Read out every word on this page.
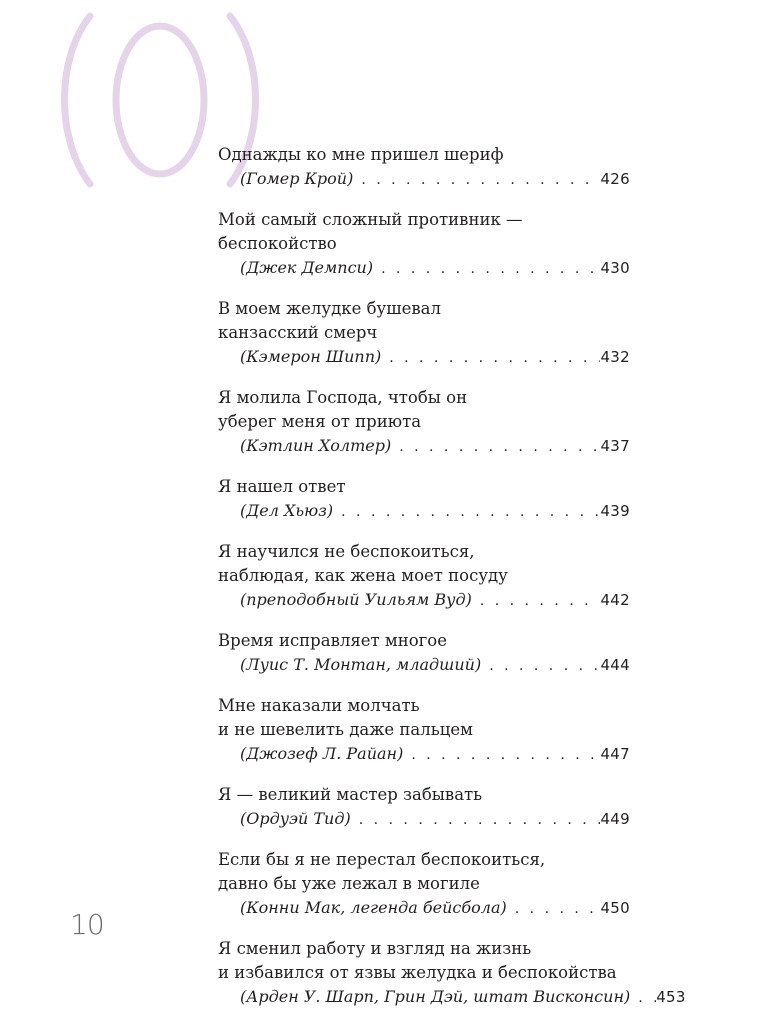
Однажды ко мне пришел шериф
(Гомер Крой) . . .	426
Мой самый сложный противник —
беспокойство
(Джек Демпси) . . .	430
В моем желудке бушевал
канзасский смерч
(Кэмерон Шипп) . . .	432
Я молила Господа, чтобы он
уберег меня от приюта
(Кэтлин Холтер) . . .	437
Я нашел ответ
(Дел Хьюз) . . .	439
Я научился не беспокоиться,
наблюдая, как жена моет посуду
(преподобный Уильям Вуд) . . .	442
Время исправляет многое
(Луис Т. Монтан, младший) . . .	444
Мне наказали молчать
и не шевелить даже пальцем
(Джозеф Л. Райан) . . .	447
Я — великий мастер забывать
(Ордуэй Тид) . . .	449
Если бы я не перестал беспокоиться,
давно бы уже лежал в могиле
(Конни Мак, легенда бейсбола) . . .	450
Я сменил работу и взгляд на жизнь
и избавился от язвы желудка и беспокойства
(Арден У. Шарп, Грин Дэй, штат Висконсин) . . . 453
10
